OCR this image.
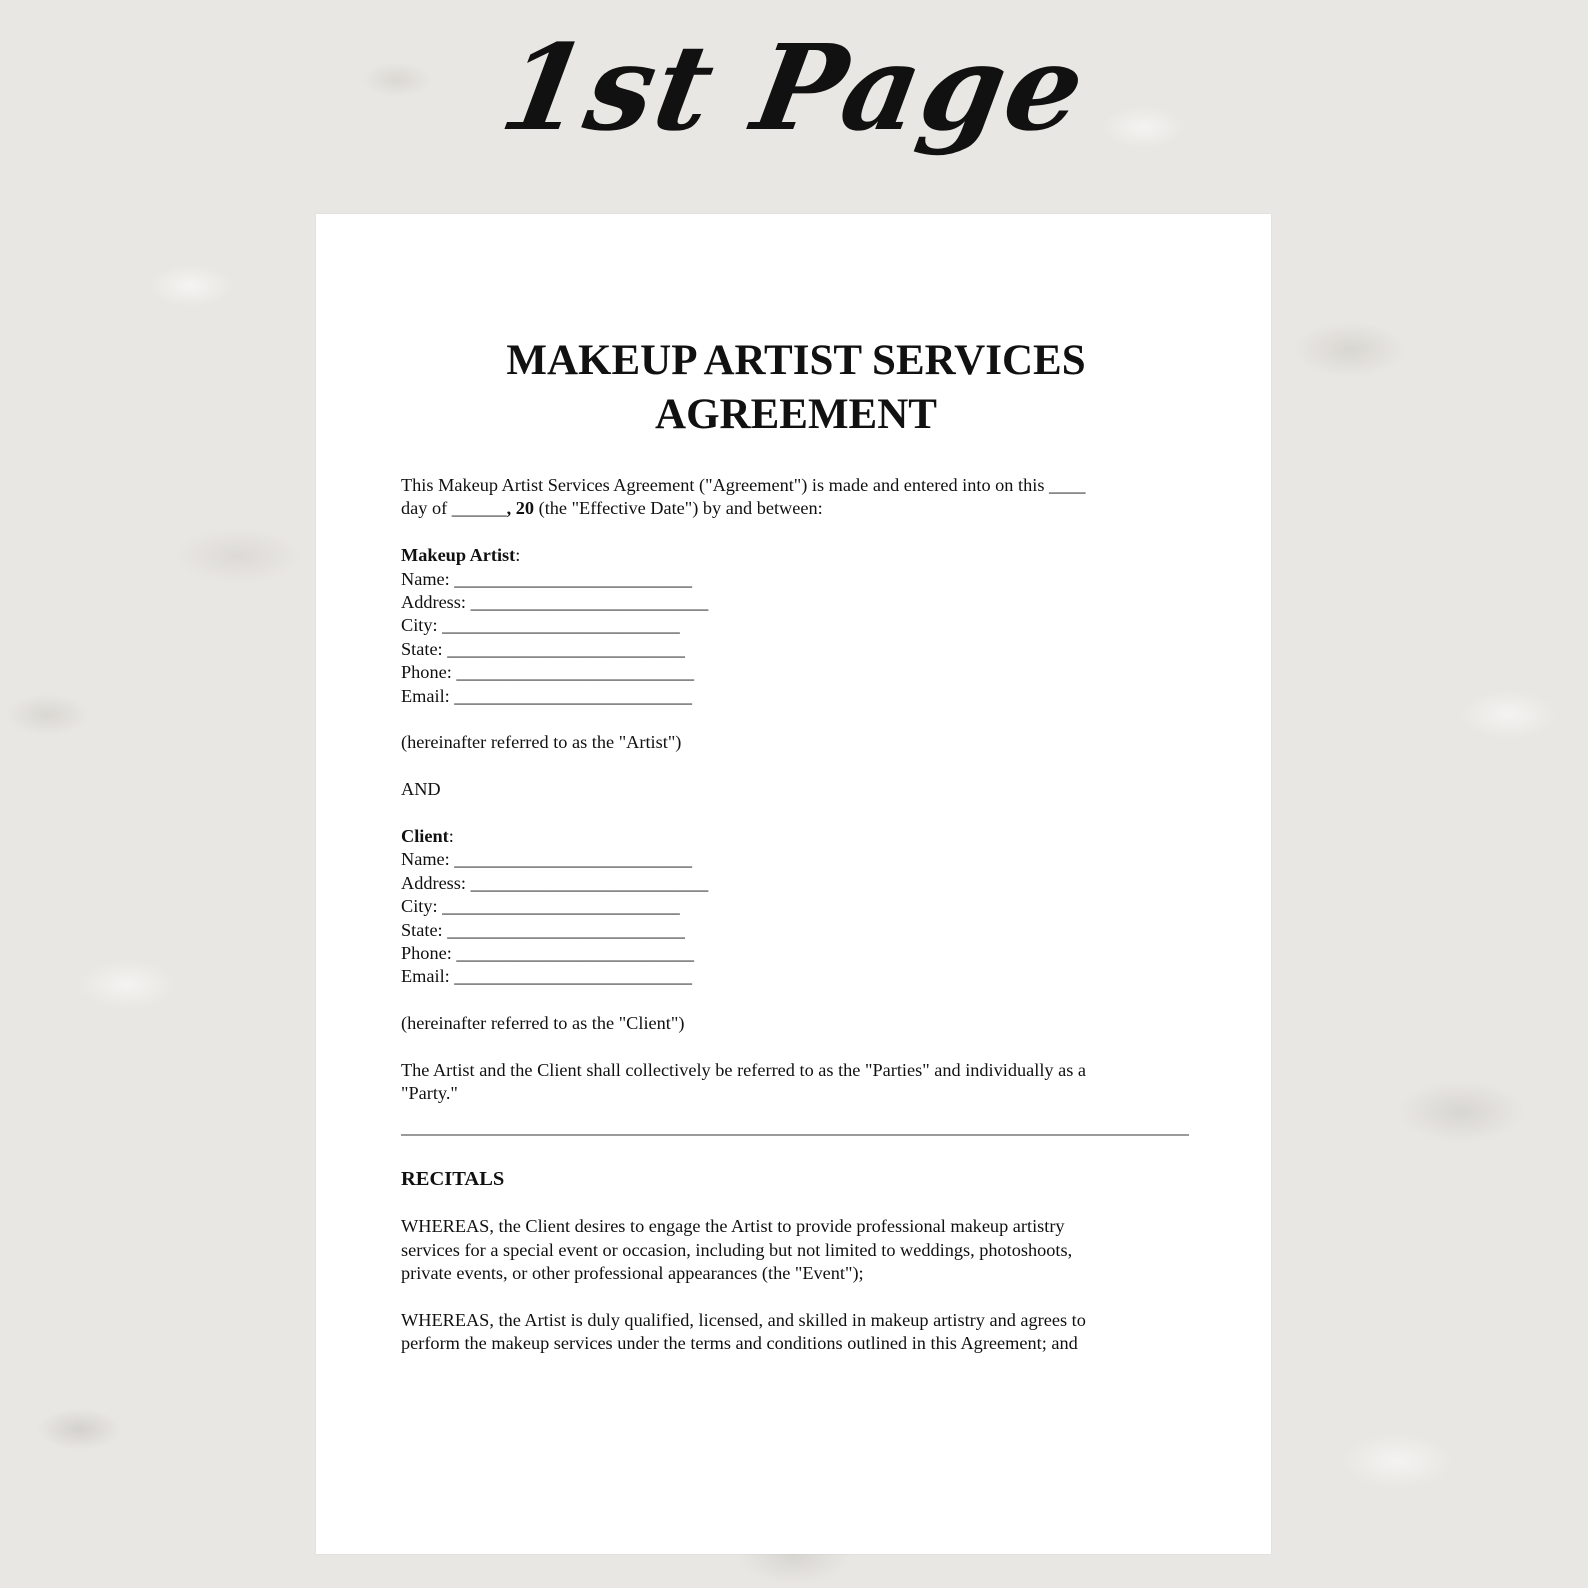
1st Page
MAKEUP ARTIST SERVICES AGREEMENT

This Makeup Artist Services Agreement ("Agreement") is made and entered into on this ____
day of ______, 20 (the "Effective Date") by and between:

Makeup Artist:

Name: __________________________

Address: __________________________

City: __________________________

State: __________________________

Phone: __________________________

Email: __________________________

(hereinafter referred to as the "Artist")

AND

Client:

Name: __________________________

Address: __________________________

City: __________________________

State: __________________________

Phone: __________________________

Email: __________________________

(hereinafter referred to as the "Client")

The Artist and the Client shall collectively be referred to as the "Parties" and individually as a
"Party."

RECITALS

WHEREAS, the Client desires to engage the Artist to provide professional makeup artistry
services for a special event or occasion, including but not limited to weddings, photoshoots,
private events, or other professional appearances (the "Event");

WHEREAS, the Artist is duly qualified, licensed, and skilled in makeup artistry and agrees to
perform the makeup services under the terms and conditions outlined in this Agreement; and
